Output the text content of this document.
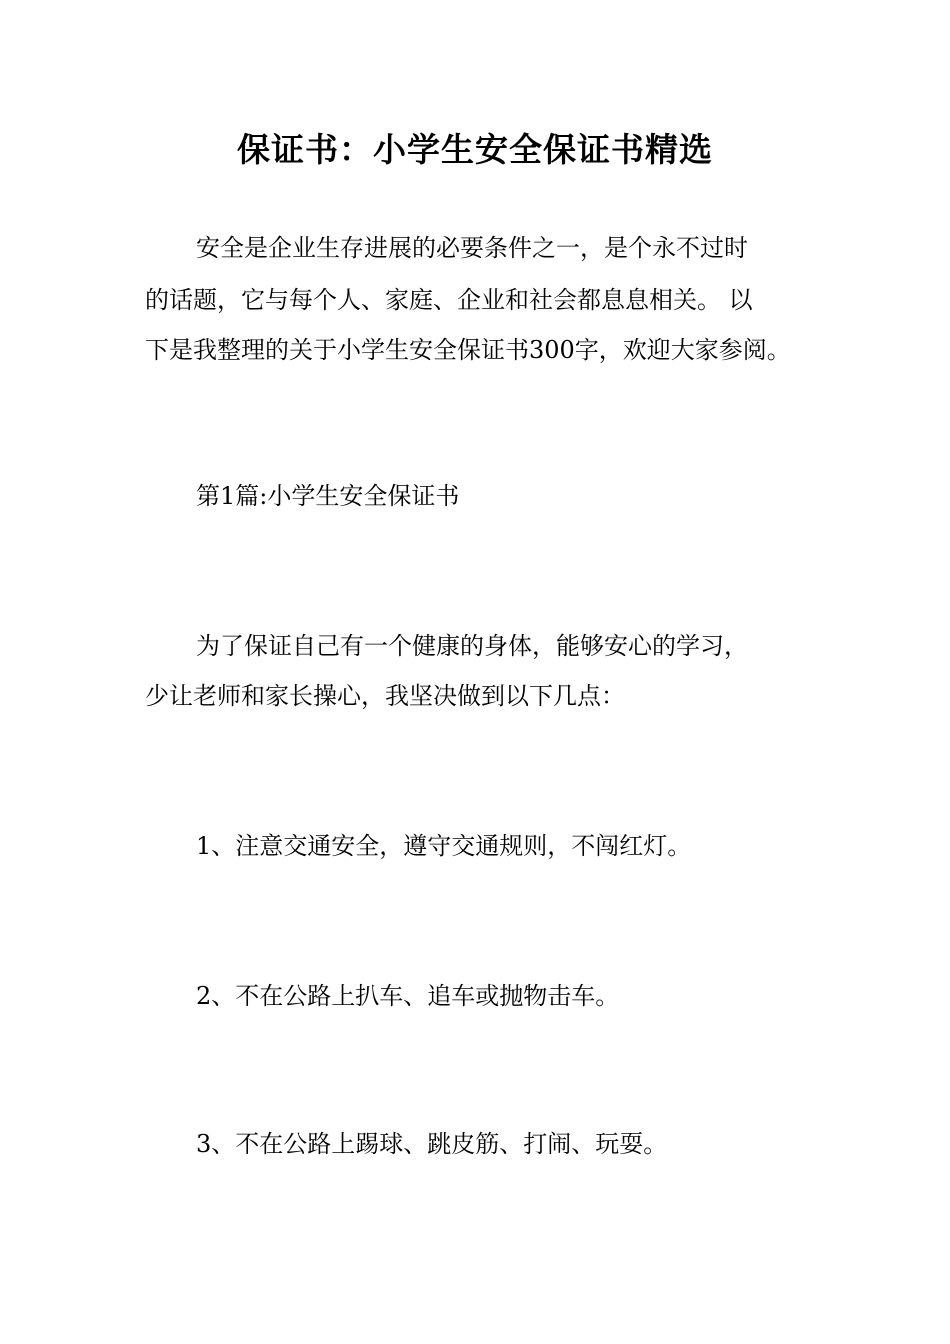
保证书：小学生安全保证书精选
安全是企业生存进展的必要条件之一，是个永不过时
的话题，它与每个人、家庭、企业和社会都息息相关。 以
下是我整理的关于小学生安全保证书300字，欢迎大家参阅。
第1篇:小学生安全保证书
为了保证自己有一个健康的身体，能够安心的学习，
少让老师和家长操心，我坚决做到以下几点：
1、注意交通安全，遵守交通规则，不闯红灯。
2、不在公路上扒车、追车或抛物击车。
3、不在公路上踢球、跳皮筋、打闹、玩耍。
